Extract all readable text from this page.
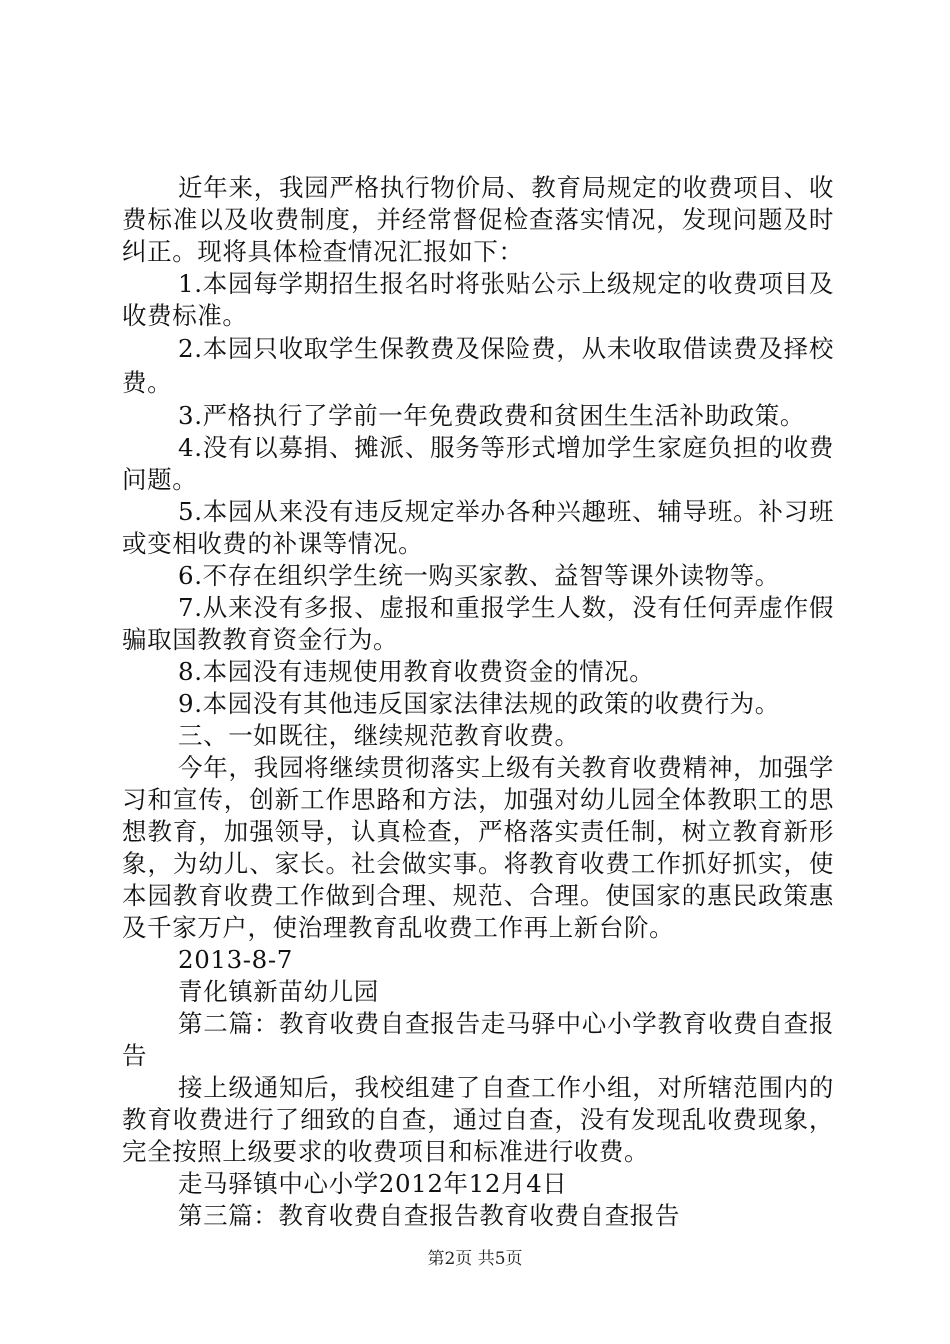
近年来，我园严格执行物价局、教育局规定的收费项目、收费标准以及收费制度，并经常督促检查落实情况，发现问题及时纠正。现将具体检查情况汇报如下：

1.本园每学期招生报名时将张贴公示上级规定的收费项目及收费标准。

2.本园只收取学生保教费及保险费，从未收取借读费及择校费。

3.严格执行了学前一年免费政费和贫困生生活补助政策。

4.没有以募捐、摊派、服务等形式增加学生家庭负担的收费问题。

5.本园从来没有违反规定举办各种兴趣班、辅导班。补习班或变相收费的补课等情况。

6.不存在组织学生统一购买家教、益智等课外读物等。

7.从来没有多报、虚报和重报学生人数，没有任何弄虚作假骗取国教教育资金行为。

8.本园没有违规使用教育收费资金的情况。

9.本园没有其他违反国家法律法规的政策的收费行为。

三、一如既往，继续规范教育收费。

今年，我园将继续贯彻落实上级有关教育收费精神，加强学习和宣传，创新工作思路和方法，加强对幼儿园全体教职工的思想教育，加强领导，认真检查，严格落实责任制，树立教育新形象，为幼儿、家长。社会做实事。将教育收费工作抓好抓实，使本园教育收费工作做到合理、规范、合理。使国家的惠民政策惠及千家万户，使治理教育乱收费工作再上新台阶。

2013-8-7

青化镇新苗幼儿园

第二篇：教育收费自查报告走马驿中心小学教育收费自查报告

接上级通知后，我校组建了自查工作小组，对所辖范围内的教育收费进行了细致的自查，通过自查，没有发现乱收费现象，完全按照上级要求的收费项目和标准进行收费。

走马驿镇中心小学2012年12月4日

第三篇：教育收费自查报告教育收费自查报告

第2页 共5页
